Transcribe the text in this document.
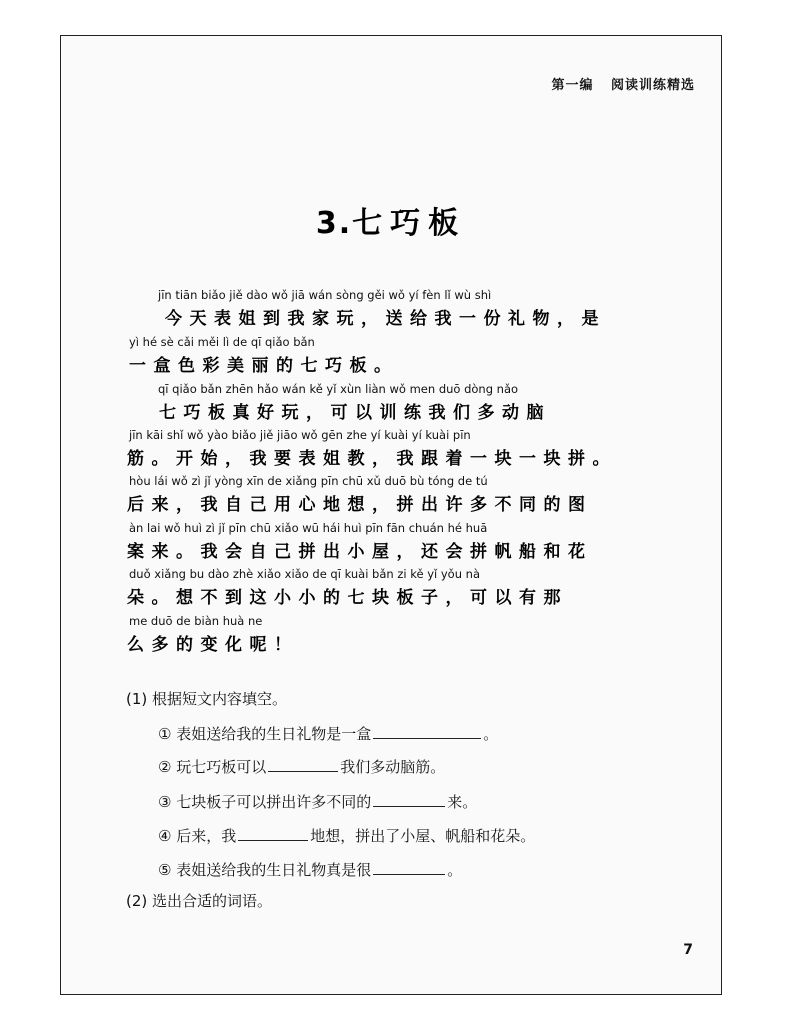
第一编 阅读训练精选
3.七巧板
jīn tiān biǎo jiě dào wǒ jiā wán sòng gěi wǒ yí fèn lǐ wù shì
今天表姐到我家玩，送给我一份礼物，是
yì hé sè cǎi měi lì de qī qiǎo bǎn
一盒色彩美丽的七巧板。
qī qiǎo bǎn zhēn hǎo wán kě yǐ xùn liàn wǒ men duō dòng nǎo
七巧板真好玩，可以训练我们多动脑
jīn kāi shǐ wǒ yào biǎo jiě jiāo wǒ gēn zhe yí kuài yí kuài pīn
筋。开始，我要表姐教，我跟着一块一块拼。
hòu lái wǒ zì jǐ yòng xīn de xiǎng pīn chū xǔ duō bù tóng de tú
后来，我自己用心地想，拼出许多不同的图
àn lai wǒ huì zì jǐ pīn chū xiǎo wū hái huì pīn fān chuán hé huā
案来。我会自己拼出小屋，还会拼帆船和花
duǒ xiǎng bu dào zhè xiǎo xiǎo de qī kuài bǎn zi kě yǐ yǒu nà
朵。想不到这小小的七块板子，可以有那
me duō de biàn huà ne
么多的变化呢！
(1) 根据短文内容填空。
① 表姐送给我的生日礼物是一盒	。
② 玩七巧板可以	我们多动脑筋。
③ 七块板子可以拼出许多不同的	来。
④ 后来，我	地想，拼出了小屋、帆船和花朵。
⑤ 表姐送给我的生日礼物真是很	。
(2) 选出合适的词语。
7
